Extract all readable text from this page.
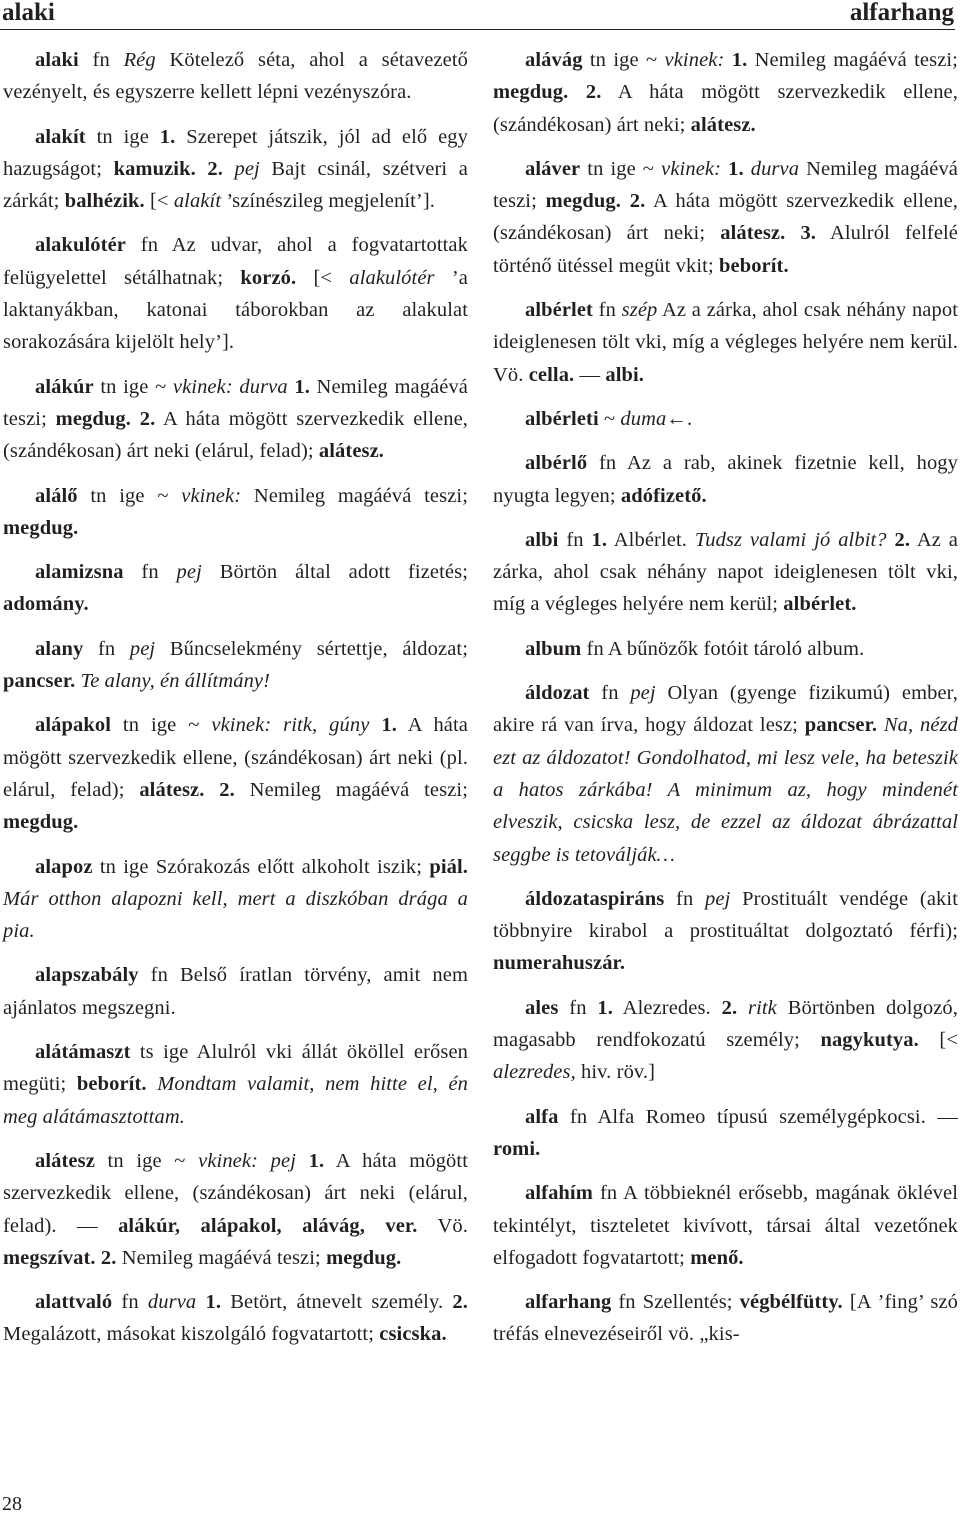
alaki	alfarhang

alaki fn Rég Kötelező séta, ahol a sétavezető vezényelt, és egyszerre kellett lépni vezényszóra.

alakít tn ige 1. Szerepet játszik, jól ad elő egy hazugságot; kamuzik. 2. pej Bajt csinál, szétveri a zárkát; balhézik. [< alakít ’színészileg megjelenít’].

alakulótér fn Az udvar, ahol a fogvatartottak felügyelettel sétálhatnak; korzó. [< alakulótér ’a laktanyákban, katonai táborokban az alakulat sorakozására kijelölt hely’].

alákúr tn ige ~ vkinek: durva 1. Nemileg magáévá teszi; megdug. 2. A háta mögött szervezkedik ellene, (szándékosan) árt neki (elárul, felad); alátesz.

alálő tn ige ~ vkinek: Nemileg magáévá teszi; megdug.

alamizsna fn pej Börtön által adott fizetés; adomány.

alany fn pej Bűncselekmény sértettje, áldozat; pancser. Te alany, én állítmány!

alápakol tn ige ~ vkinek: ritk, gúny 1. A háta mögött szervezkedik ellene, (szándékosan) árt neki (pl. elárul, felad); alátesz. 2. Nemileg magáévá teszi; megdug.

alapoz tn ige Szórakozás előtt alkoholt iszik; piál. Már otthon alapozni kell, mert a diszkóban drága a pia.

alapszabály fn Belső íratlan törvény, amit nem ajánlatos megszegni.

alátámaszt ts ige Alulról vki állát ököllel erősen megüti; beborít. Mondtam valamit, nem hitte el, én meg alátámasztottam.

alátesz tn ige ~ vkinek: pej 1. A háta mögött szervezkedik ellene, (szándékosan) árt neki (elárul, felad). — alákúr, alápakol, alávág, ver. Vö. megszívat. 2. Nemileg magáévá teszi; megdug.

alattvaló fn durva 1. Betört, átnevelt személy. 2. Megalázott, másokat kiszolgáló fogvatartott; csicska.

alávág tn ige ~ vkinek: 1. Nemileg magáévá teszi; megdug. 2. A háta mögött szervezkedik ellene, (szándékosan) árt neki; alátesz.

aláver tn ige ~ vkinek: 1. durva Nemileg magáévá teszi; megdug. 2. A háta mögött szervezkedik ellene, (szándékosan) árt neki; alátesz. 3. Alulról felfelé történő ütéssel megüt vkit; beborít.

albérlet fn szép Az a zárka, ahol csak néhány napot ideiglenesen tölt vki, míg a végleges helyére nem kerül. Vö. cella. — albi.

albérleti ~ duma←.

albérlő fn Az a rab, akinek fizetnie kell, hogy nyugta legyen; adófizető.

albi fn 1. Albérlet. Tudsz valami jó albit? 2. Az a zárka, ahol csak néhány napot ideiglenesen tölt vki, míg a végleges helyére nem kerül; albérlet.

album fn A bűnözők fotóit tároló album.

áldozat fn pej Olyan (gyenge fizikumú) ember, akire rá van írva, hogy áldozat lesz; pancser. Na, nézd ezt az áldozatot! Gondolhatod, mi lesz vele, ha beteszik a hatos zárkába! A minimum az, hogy mindenét elveszik, csicska lesz, de ezzel az áldozat ábrázattal seggbe is tetoválják…

áldozataspiráns fn pej Prostituált vendége (akit többnyire kirabol a prostituáltat dolgoztató férfi); numerahuszár.

ales fn 1. Alezredes. 2. ritk Börtönben dolgozó, magasabb rendfokozatú személy; nagykutya. [< alezredes, hiv. röv.]

alfa fn Alfa Romeo típusú személygépkocsi. — romi.

alfahím fn A többieknél erősebb, magának öklével tekintélyt, tiszteletet kivívott, társai által vezetőnek elfogadott fogvatartott; menő.

alfarhang fn Szellentés; végbélfütty. [A ’fing’ szó tréfás elnevezéseiről vö. „kis-

28
